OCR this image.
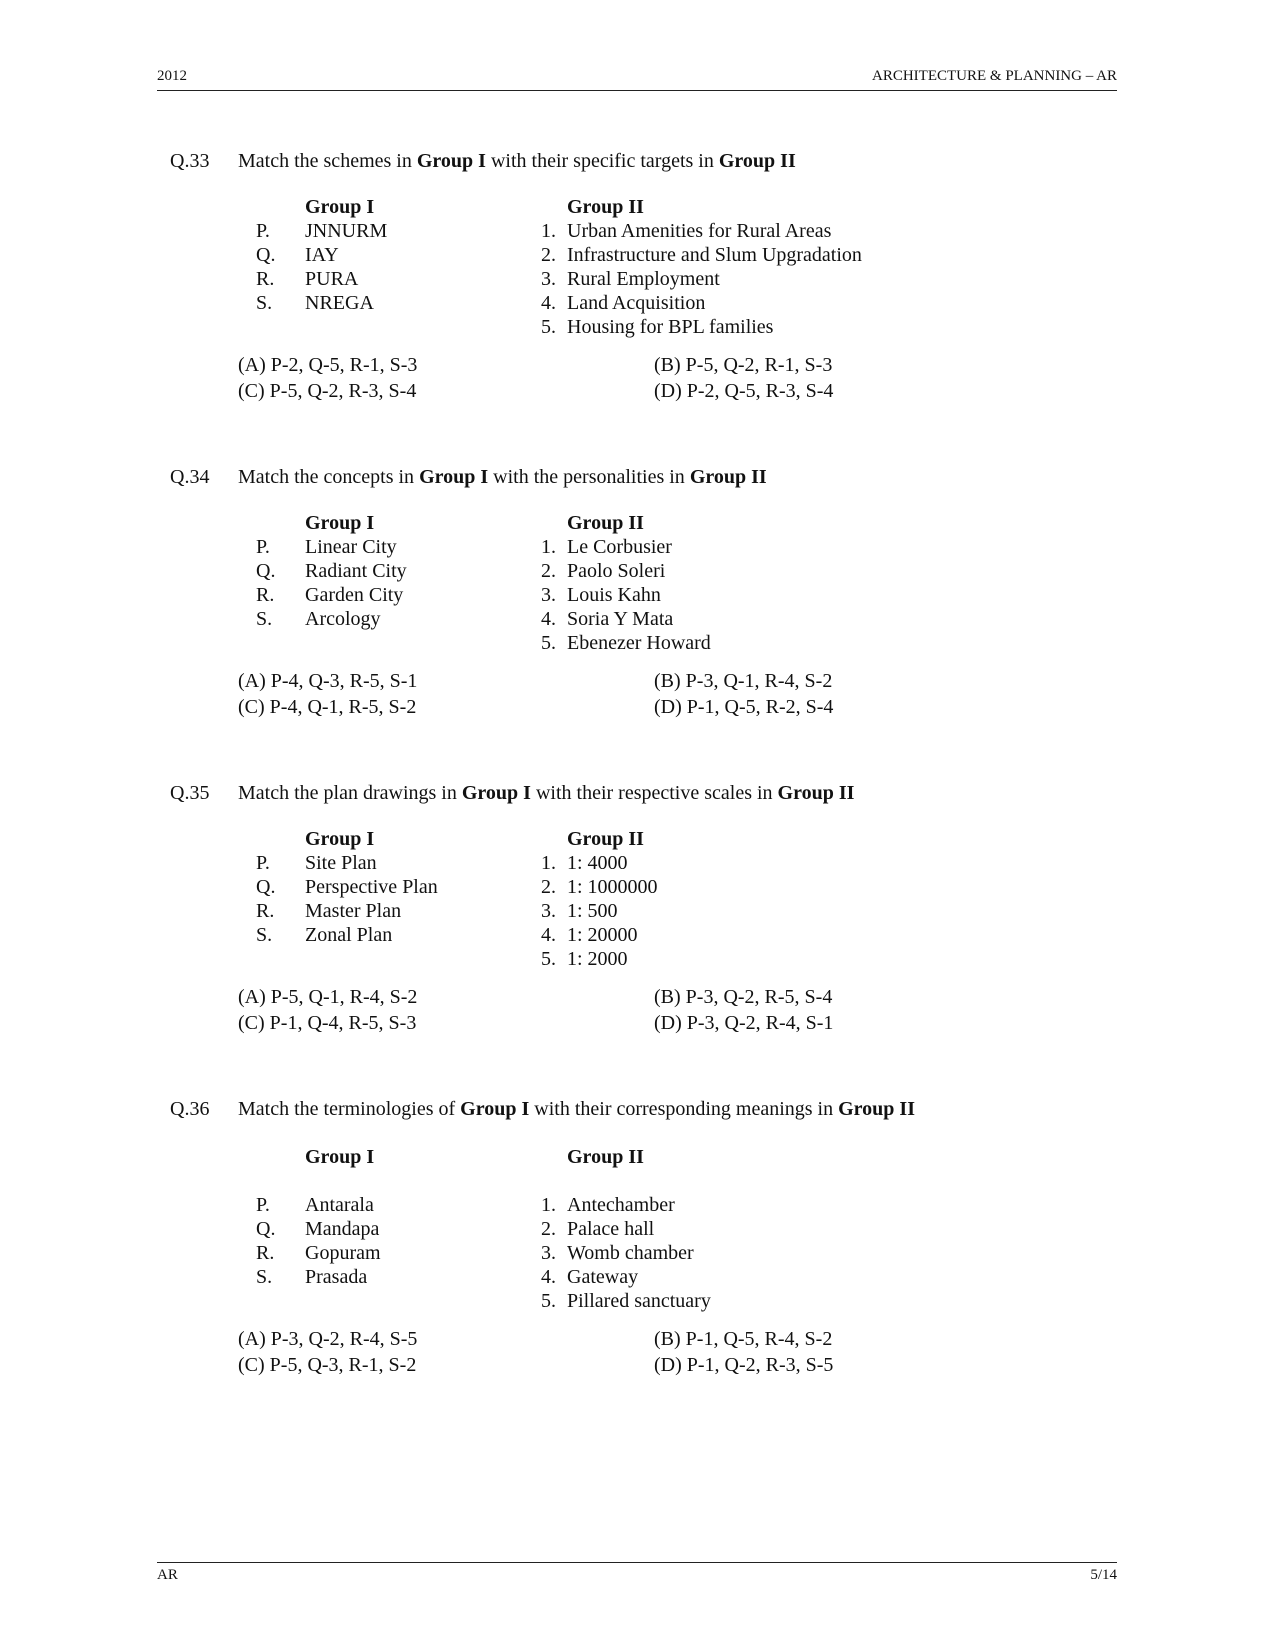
2012	ARCHITECTURE & PLANNING – AR
Q.33 Match the schemes in Group I with their specific targets in Group II
Group I	Group II
P. JNNURM	1. Urban Amenities for Rural Areas
Q. IAY	2. Infrastructure and Slum Upgradation
R. PURA	3. Rural Employment
S. NREGA	4. Land Acquisition
5. Housing for BPL families
(A) P-2, Q-5, R-1, S-3	(B) P-5, Q-2, R-1, S-3
(C) P-5, Q-2, R-3, S-4	(D) P-2, Q-5, R-3, S-4
Q.34 Match the concepts in Group I with the personalities in Group II
Group I	Group II
P. Linear City	1. Le Corbusier
Q. Radiant City	2. Paolo Soleri
R. Garden City	3. Louis Kahn
S. Arcology	4. Soria Y Mata
5. Ebenezer Howard
(A) P-4, Q-3, R-5, S-1	(B) P-3, Q-1, R-4, S-2
(C) P-4, Q-1, R-5, S-2	(D) P-1, Q-5, R-2, S-4
Q.35 Match the plan drawings in Group I with their respective scales in Group II
Group I	Group II
P. Site Plan	1. 1: 4000
Q. Perspective Plan	2. 1: 1000000
R. Master Plan	3. 1: 500
S. Zonal Plan	4. 1: 20000
5. 1: 2000
(A) P-5, Q-1, R-4, S-2	(B) P-3, Q-2, R-5, S-4
(C) P-1, Q-4, R-5, S-3	(D) P-3, Q-2, R-4, S-1
Q.36 Match the terminologies of Group I with their corresponding meanings in Group II
Group I	Group II
P. Antarala	1. Antechamber
Q. Mandapa	2. Palace hall
R. Gopuram	3. Womb chamber
S. Prasada	4. Gateway
5. Pillared sanctuary
(A) P-3, Q-2, R-4, S-5	(B) P-1, Q-5, R-4, S-2
(C) P-5, Q-3, R-1, S-2	(D) P-1, Q-2, R-3, S-5
AR	5/14
